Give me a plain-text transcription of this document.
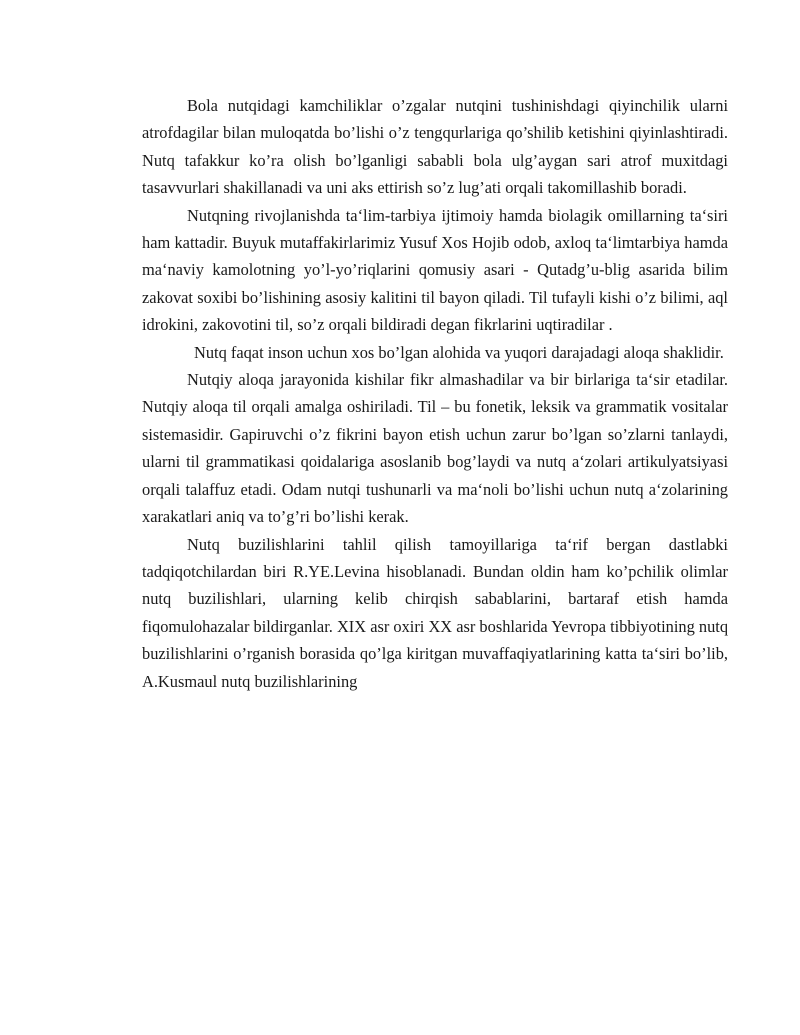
Bola nutqidagi kamchiliklar o’zgalar nutqini tushinishdagi qiyinchilik ularni atrofdagilar bilan muloqatda bo’lishi o’z tengqurlariga qo’shilib ketishini qiyinlashtiradi. Nutq tafakkur ko’ra olish bo’lganligi sababli bola ulg’aygan sari atrof muxitdagi tasavvurlari shakillanadi va uni aks ettirish so’z lug’ati orqali takomillashib boradi.

Nutqning rivojlanishda ta‘lim-tarbiya ijtimoiy hamda biolagik omillarning ta‘siri ham kattadir. Buyuk mutaffakirlarimiz Yusuf Xos Hojib odob, axloq ta‘limtarbiya hamda ma‘naviy kamolotning yo’l-yo’riqlarini qomusiy asari - Qutadg’u-blig asarida bilim zakovat soxibi bo’lishining asosiy kalitini til bayon qiladi. Til tufayli kishi o’z bilimi, aql idrokini, zakovotini til, so’z orqali bildiradi degan fikrlarini uqtiradilar .

Nutq faqat inson uchun xos bo’lgan alohida va yuqori darajadagi aloqa shaklidir.

Nutqiy aloqa jarayonida kishilar fikr almashadilar va bir birlariga ta‘sir etadilar. Nutqiy aloqa til orqali amalga oshiriladi. Til – bu fonetik, leksik va grammatik vositalar sistemasidir. Gapiruvchi o’z fikrini bayon etish uchun zarur bo’lgan so’zlarni tanlaydi, ularni til grammatikasi qoidalariga asoslanib bog’laydi va nutq a‘zolari artikulyatsiyasi orqali talaffuz etadi. Odam nutqi tushunarli va ma‘noli bo’lishi uchun nutq a‘zolarining xarakatlari aniq va to’g’ri bo’lishi kerak.

Nutq buzilishlarini tahlil qilish tamoyillariga ta‘rif bergan dastlabki tadqiqotchilardan biri R.YE.Levina hisoblanadi. Bundan oldin ham ko’pchilik olimlar nutq buzilishlari, ularning kelib chirqish sabablarini, bartaraf etish hamda fiqomulohazalar bildirganlar. XIX asr oxiri XX asr boshlarida Yevropa tibbiyotining nutq buzilishlarini o’rganish borasida qo’lga kiritgan muvaffaqiyatlarining katta ta‘siri bo’lib, A.Kusmaul nutq buzilishlarining
